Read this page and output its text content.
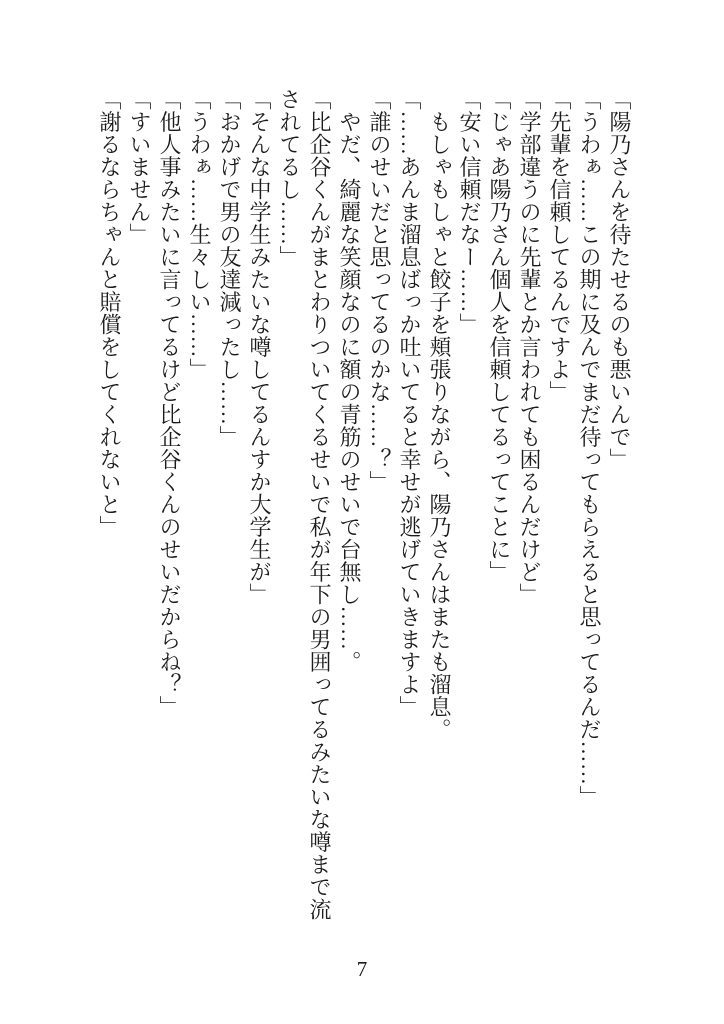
「陽乃さんを待たせるのも悪いんで」

「うわぁ……この期に及んでまだ待ってもらえると思ってるんだ……」

「先輩を信頼してるんですよ」

「学部違うのに先輩とか言われても困るんだけど」

「じゃあ陽乃さん個人を信頼してるってことに」

「安い信頼だなー……」

　もしゃもしゃと餃子を頬張りながら、陽乃さんはまたも溜息。

「……あんま溜息ばっか吐いてると幸せが逃げていきますよ」

「誰のせいだと思ってるのかな……？」

　やだ、綺麗な笑顔なのに額の青筋のせいで台無し……。

「比企谷くんがまとわりついてくるせいで私が年下の男囲ってるみたいな噂まで流されてるし……」

「そんな中学生みたいな噂してるんすか大学生が」

「おかげで男の友達減ったし……」

「うわぁ……生々しい……」

「他人事みたいに言ってるけど比企谷くんのせいだからね？」

「すいません」

「謝るならちゃんと賠償をしてくれないと」

7
